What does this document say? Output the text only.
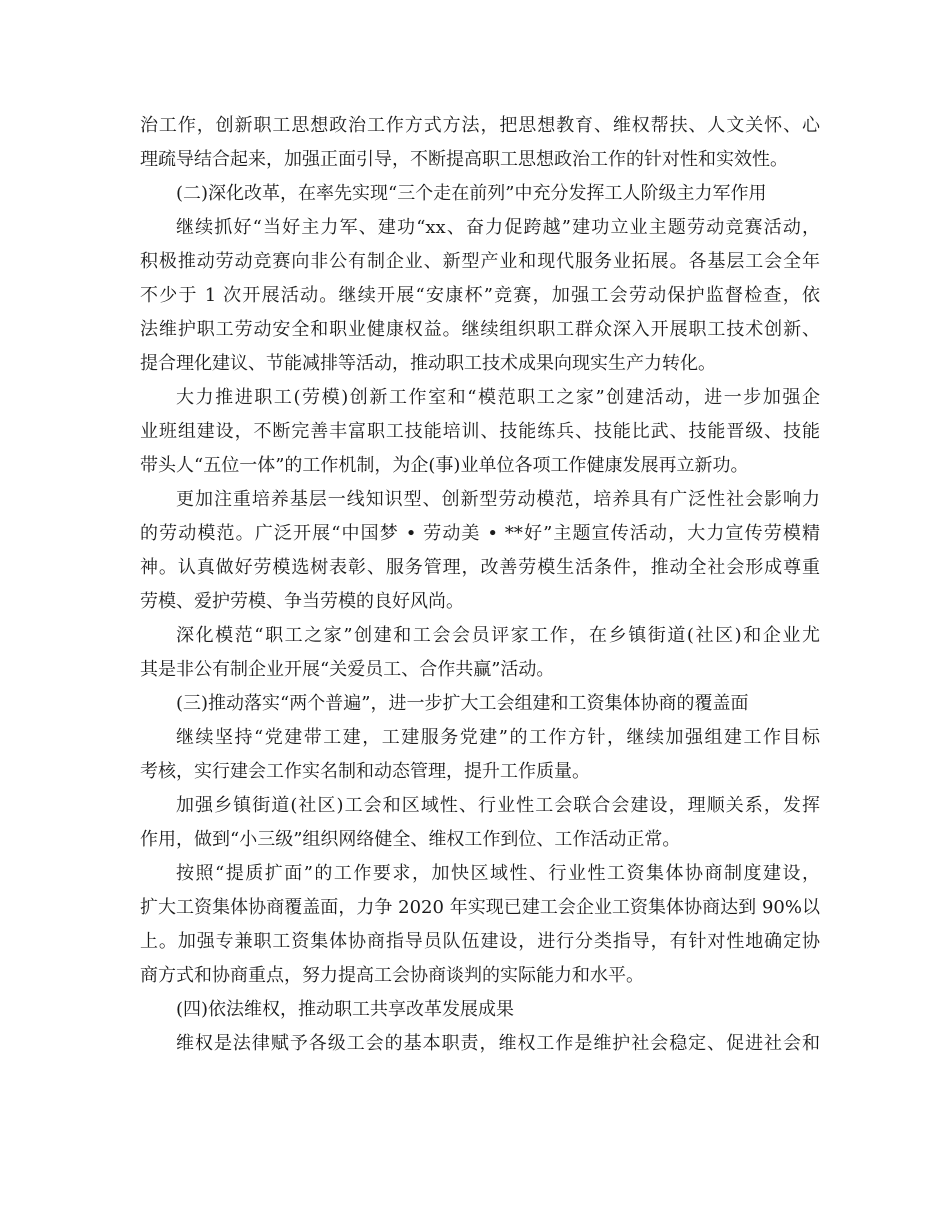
治工作，创新职工思想政治工作方式方法，把思想教育、维权帮扶、人文关怀、心
理疏导结合起来，加强正面引导，不断提高职工思想政治工作的针对性和实效性。
(二)深化改革，在率先实现“三个走在前列”中充分发挥工人阶级主力军作用
继续抓好“当好主力军、建功“xx、奋力促跨越”建功立业主题劳动竞赛活动，
积极推动劳动竞赛向非公有制企业、新型产业和现代服务业拓展。各基层工会全年
不少于 1 次开展活动。继续开展“安康杯”竞赛，加强工会劳动保护监督检查，依
法维护职工劳动安全和职业健康权益。继续组织职工群众深入开展职工技术创新、
提合理化建议、节能减排等活动，推动职工技术成果向现实生产力转化。
大力推进职工(劳模)创新工作室和“模范职工之家”创建活动，进一步加强企
业班组建设，不断完善丰富职工技能培训、技能练兵、技能比武、技能晋级、技能
带头人“五位一体”的工作机制，为企(事)业单位各项工作健康发展再立新功。
更加注重培养基层一线知识型、创新型劳动模范，培养具有广泛性社会影响力
的劳动模范。广泛开展“中国梦 • 劳动美 • **好”主题宣传活动，大力宣传劳模精
神。认真做好劳模选树表彰、服务管理，改善劳模生活条件，推动全社会形成尊重
劳模、爱护劳模、争当劳模的良好风尚。
深化模范“职工之家”创建和工会会员评家工作，在乡镇街道(社区)和企业尤
其是非公有制企业开展“关爱员工、合作共赢”活动。
(三)推动落实“两个普遍”，进一步扩大工会组建和工资集体协商的覆盖面
继续坚持“党建带工建，工建服务党建”的工作方针，继续加强组建工作目标
考核，实行建会工作实名制和动态管理，提升工作质量。
加强乡镇街道(社区)工会和区域性、行业性工会联合会建设，理顺关系，发挥
作用，做到“小三级”组织网络健全、维权工作到位、工作活动正常。
按照“提质扩面”的工作要求，加快区域性、行业性工资集体协商制度建设，
扩大工资集体协商覆盖面，力争 2020 年实现已建工会企业工资集体协商达到 90%以
上。加强专兼职工资集体协商指导员队伍建设，进行分类指导，有针对性地确定协
商方式和协商重点，努力提高工会协商谈判的实际能力和水平。
(四)依法维权，推动职工共享改革发展成果
维权是法律赋予各级工会的基本职责，维权工作是维护社会稳定、促进社会和
